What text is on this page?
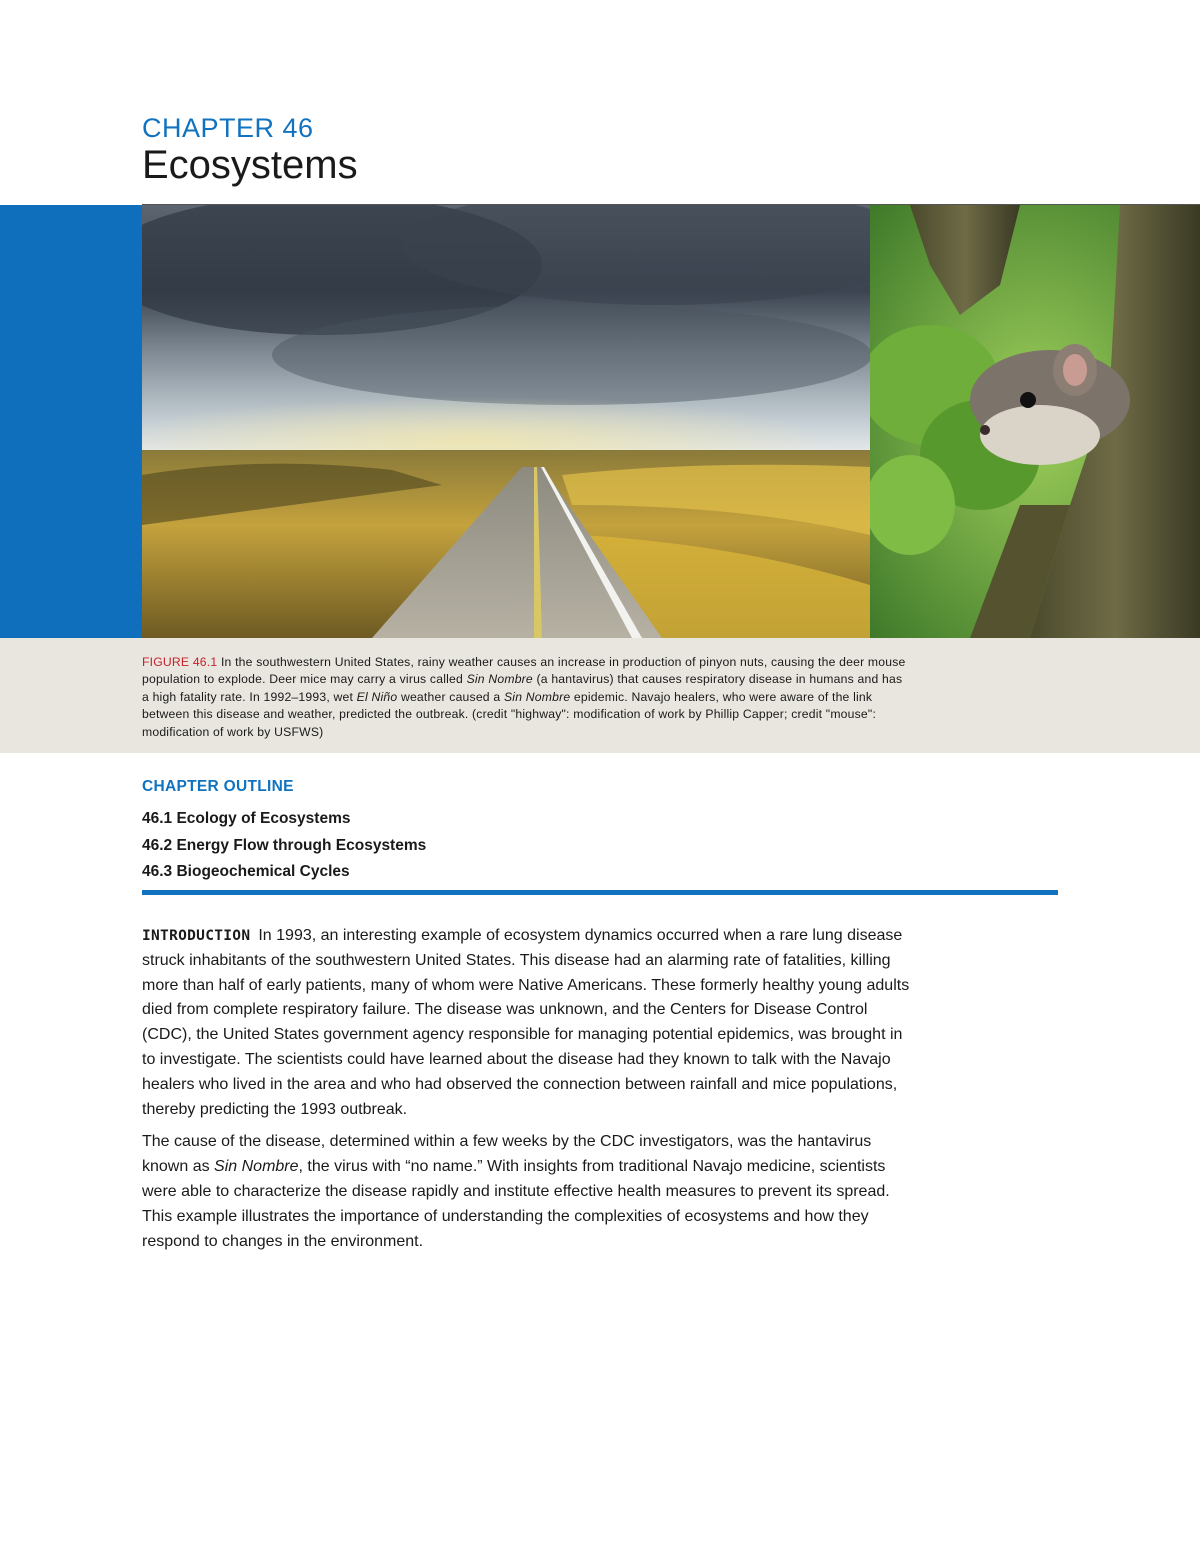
CHAPTER 46
Ecosystems
FIGURE 46.1 In the southwestern United States, rainy weather causes an increase in production of pinyon nuts, causing the deer mouse population to explode. Deer mice may carry a virus called Sin Nombre (a hantavirus) that causes respiratory disease in humans and has a high fatality rate. In 1992–1993, wet El Niño weather caused a Sin Nombre epidemic. Navajo healers, who were aware of the link between this disease and weather, predicted the outbreak. (credit "highway": modification of work by Phillip Capper; credit "mouse": modification of work by USFWS)
CHAPTER OUTLINE
46.1 Ecology of Ecosystems
46.2 Energy Flow through Ecosystems
46.3 Biogeochemical Cycles

INTRODUCTION In 1993, an interesting example of ecosystem dynamics occurred when a rare lung disease struck inhabitants of the southwestern United States. This disease had an alarming rate of fatalities, killing more than half of early patients, many of whom were Native Americans. These formerly healthy young adults died from complete respiratory failure. The disease was unknown, and the Centers for Disease Control (CDC), the United States government agency responsible for managing potential epidemics, was brought in to investigate. The scientists could have learned about the disease had they known to talk with the Navajo healers who lived in the area and who had observed the connection between rainfall and mice populations, thereby predicting the 1993 outbreak.

The cause of the disease, determined within a few weeks by the CDC investigators, was the hantavirus known as Sin Nombre, the virus with “no name.” With insights from traditional Navajo medicine, scientists were able to characterize the disease rapidly and institute effective health measures to prevent its spread. This example illustrates the importance of understanding the complexities of ecosystems and how they respond to changes in the environment.
